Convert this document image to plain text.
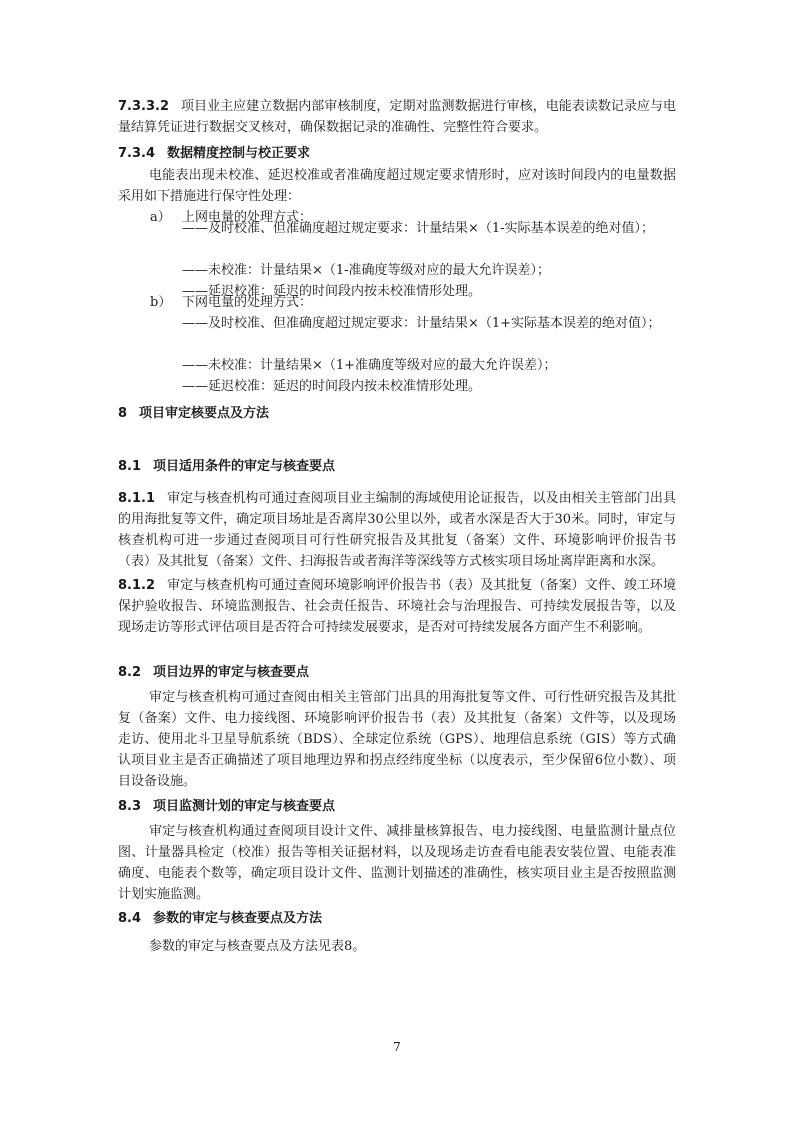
7.3.3.2 项目业主应建立数据内部审核制度，定期对监测数据进行审核，电能表读数记录应与电量结算凭证进行数据交叉核对，确保数据记录的准确性、完整性符合要求。
7.3.4 数据精度控制与校正要求
电能表出现未校准、延迟校准或者准确度超过规定要求情形时，应对该时间段内的电量数据采用如下措施进行保守性处理：
a） 上网电量的处理方式：
——及时校准、但准确度超过规定要求：计量结果×（1-实际基本误差的绝对值）；
——未校准：计量结果×（1-准确度等级对应的最大允许误差）；
——延迟校准：延迟的时间段内按未校准情形处理。
b） 下网电量的处理方式：
——及时校准、但准确度超过规定要求：计量结果×（1+实际基本误差的绝对值）；
——未校准：计量结果×（1+准确度等级对应的最大允许误差）；
——延迟校准：延迟的时间段内按未校准情形处理。
8 项目审定核要点及方法
8.1 项目适用条件的审定与核查要点
8.1.1 审定与核查机构可通过查阅项目业主编制的海域使用论证报告，以及由相关主管部门出具的用海批复等文件，确定项目场址是否离岸30公里以外，或者水深是否大于30米。同时，审定与核查机构可进一步通过查阅项目可行性研究报告及其批复（备案）文件、环境影响评价报告书（表）及其批复（备案）文件、扫海报告或者海洋等深线等方式核实项目场址离岸距离和水深。
8.1.2 审定与核查机构可通过查阅环境影响评价报告书（表）及其批复（备案）文件、竣工环境保护验收报告、环境监测报告、社会责任报告、环境社会与治理报告、可持续发展报告等，以及现场走访等形式评估项目是否符合可持续发展要求，是否对可持续发展各方面产生不利影响。
8.2 项目边界的审定与核查要点
审定与核查机构可通过查阅由相关主管部门出具的用海批复等文件、可行性研究报告及其批复（备案）文件、电力接线图、环境影响评价报告书（表）及其批复（备案）文件等，以及现场走访、使用北斗卫星导航系统（BDS）、全球定位系统（GPS）、地理信息系统（GIS）等方式确认项目业主是否正确描述了项目地理边界和拐点经纬度坐标（以度表示，至少保留6位小数）、项目设备设施。
8.3 项目监测计划的审定与核查要点
审定与核查机构通过查阅项目设计文件、减排量核算报告、电力接线图、电量监测计量点位图、计量器具检定（校准）报告等相关证据材料，以及现场走访查看电能表安装位置、电能表准确度、电能表个数等，确定项目设计文件、监测计划描述的准确性，核实项目业主是否按照监测计划实施监测。
8.4 参数的审定与核查要点及方法
参数的审定与核查要点及方法见表8。
7
